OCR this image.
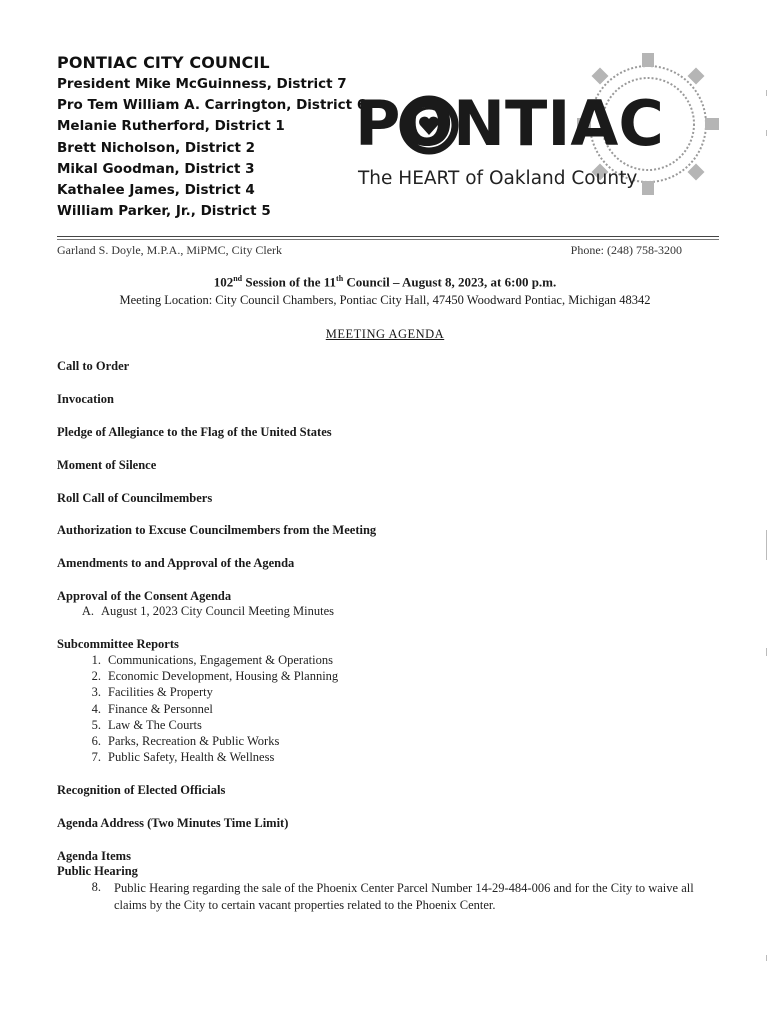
PONTIAC CITY COUNCIL
President Mike McGuinness, District 7
Pro Tem William A. Carrington, District 6
Melanie Rutherford, District 1
Brett Nicholson, District 2
Mikal Goodman, District 3
Kathalee James, District 4
William Parker, Jr., District 5
PONTIAC
The HEART of Oakland County
Garland S. Doyle, M.P.A., MiPMC, City Clerk	Phone: (248) 758-3200
102nd Session of the 11th Council – August 8, 2023, at 6:00 p.m.
Meeting Location: City Council Chambers, Pontiac City Hall, 47450 Woodward Pontiac, Michigan 48342
MEETING AGENDA
Call to Order
Invocation
Pledge of Allegiance to the Flag of the United States
Moment of Silence
Roll Call of Councilmembers
Authorization to Excuse Councilmembers from the Meeting
Amendments to and Approval of the Agenda
Approval of the Consent Agenda
A. August 1, 2023 City Council Meeting Minutes
Subcommittee Reports
1. Communications, Engagement & Operations
2. Economic Development, Housing & Planning
3. Facilities & Property
4. Finance & Personnel
5. Law & The Courts
6. Parks, Recreation & Public Works
7. Public Safety, Health & Wellness
Recognition of Elected Officials
Agenda Address (Two Minutes Time Limit)
Agenda Items
Public Hearing
8.	Public Hearing regarding the sale of the Phoenix Center Parcel Number 14-29-484-006 and for the City to waive all claims by the City to certain vacant properties related to the Phoenix Center.
